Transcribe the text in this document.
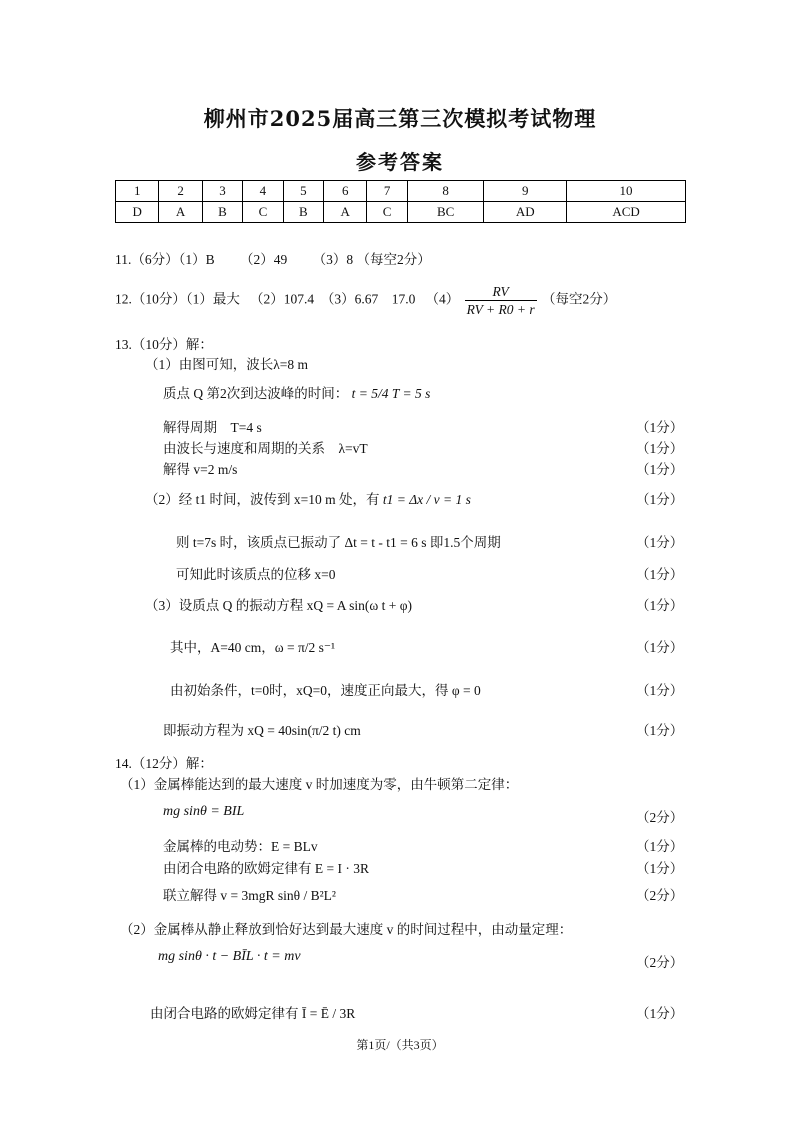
柳州市2025届高三第三次模拟考试物理
参考答案
1	2	3	4	5	6	7	8	9	10
D	A	B	C	B	A	C	BC	AD	ACD
11.（6分）（1）B （2）49 （3）8 （每空2分）
12.（10分）（1）最大 （2）107.4 （3）6.67 17.0 $(4) \frac{RV}{RV + R0 + r}$ （每空2分）
13.（10分）解：
（1）由图可知，波长λ=8 m
质点 Q 第2次到达波峰的时间： t = 5/4 T = 5 s
解得周期　T=4 s	（1分）
由波长与速度和周期的关系　λ=vT	（1分）
解得 v=2 m/s	（1分）
（2）经 t1 时间，波传到 x=10 m 处，有 t1 = Δx / v = 1 s	（1分）
则 t=7s 时，该质点已振动了 Δt = t - t1 = 6 s 即1.5个周期	（1分）
可知此时该质点的位移 x=0	（1分）
（3）设质点 Q 的振动方程 xQ = A sin(ω t + φ)	（1分）
其中，A=40 cm，ω = π/2 s⁻¹	（1分）
由初始条件，t=0时，xQ=0，速度正向最大，得 φ = 0	（1分）
即振动方程为 xQ = 40sin(π/2 t) cm	（1分）
14.（12分）解：
（1）金属棒能达到的最大速度 v 时加速度为零，由牛顿第二定律：
mg sinθ = BIL	（2分）
金属棒的电动势：E = BLv	（1分）
由闭合电路的欧姆定律有 E = I · 3R	（1分）
联立解得 v = 3mgR sinθ / B²L²	（2分）
（2）金属棒从静止释放到恰好达到最大速度 v 的时间过程中，由动量定理：
mg sinθ · t − BĪL · t = mv	（2分）
由闭合电路的欧姆定律有 Ī = Ē / 3R	（1分）
第1页/（共3页）
